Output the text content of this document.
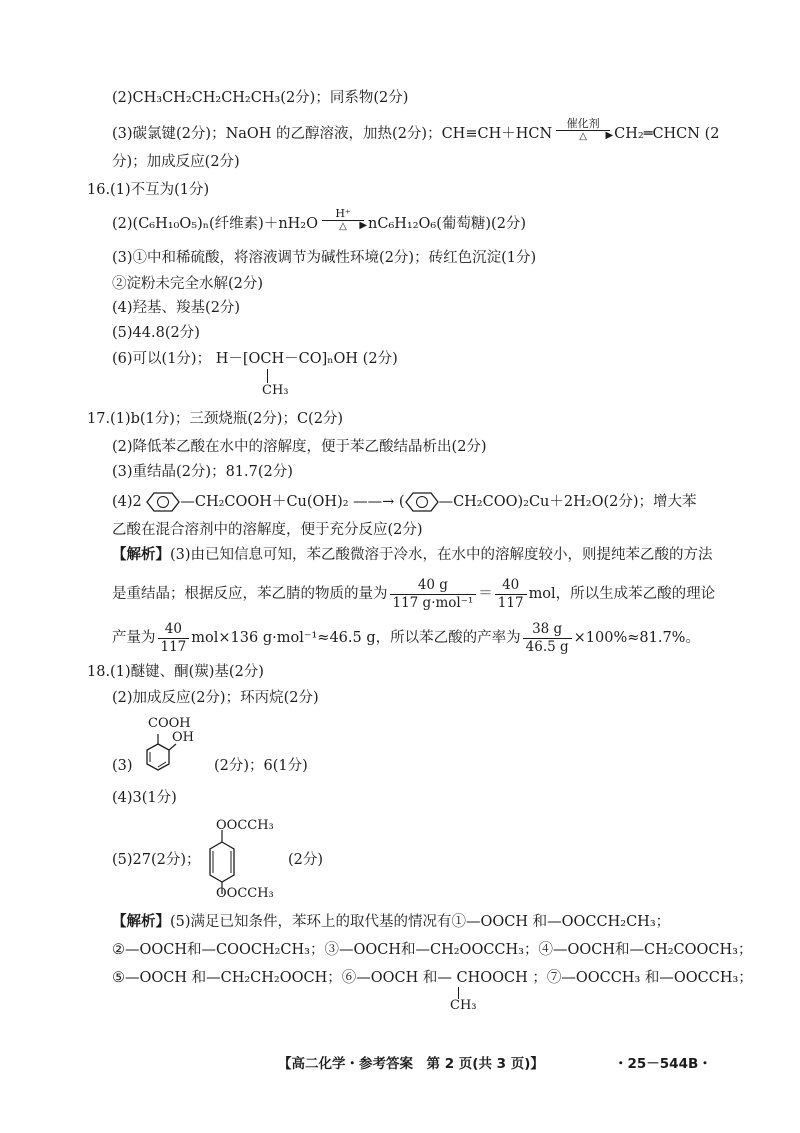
(2)CH₃CH₂CH₂CH₂CH₃(2分)；同系物(2分)
(3)碳氯键(2分)；NaOH 的乙醇溶液，加热(2分)；CH≡CH＋HCN
催化剂
▶
△	CH₂═CHCN (2
分)；加成反应(2分)
16.(1)不互为(1分)
(2)(C₆H₁₀O₅)ₙ(纤维素)＋nH₂O
H⁺
▶
△	nC₆H₁₂O₆(葡萄糖)(2分)
(3)①中和稀硫酸，将溶液调节为碱性环境(2分)；砖红色沉淀(1分)
②淀粉未完全水解(2分)
(4)羟基、羧基(2分)
(5)44.8(2分)
(6)可以(1分)； H－[OCH－CO]ₙOH (2分)
CH₃
17.(1)b(1分)；三颈烧瓶(2分)；C(2分)
(2)降低苯乙酸在水中的溶解度，便于苯乙酸结晶析出(2分)
(3)重结晶(2分)；81.7(2分)
(4)2	—CH₂COOH＋Cu(OH)₂ ——→ ( —CH₂COO)₂Cu＋2H₂O(2分)；增大苯
乙酸在混合溶剂中的溶解度，便于充分反应(2分)
【解析】(3)由已知信息可知，苯乙酸微溶于冷水，在水中的溶解度较小，则提纯苯乙酸的方法
是重结晶；根据反应，苯乙腈的物质的量为 $\frac{40 g}{\text{117 g·mol⁻¹}} = \frac{40}{117}$ mol，所以生成苯乙酸的理论
产量为 $\frac{40}{117} mol\times 136$ g·mol⁻¹≈46.5 g，所以苯乙酸的产率为 $\frac{38 g}{46.5 g} \times 100\%\approx 81.7\%$。
18.(1)醚键、酮(羰)基(2分)
(2)加成反应(2分)；环丙烷(2分)
COOH
OH
(3)	(2分)；6(1分)
(4)3(1分)
OOCCH₃
(5)27(2分)；	(2分)
OOCCH₃
【解析】(5)满足已知条件，苯环上的取代基的情况有①—OOCH 和—OOCCH₂CH₃；
②—OOCH和—COOCH₂CH₃；③—OOCH和—CH₂OOCCH₃；④—OOCH和—CH₂COOCH₃；
⑤—OOCH 和—CH₂CH₂OOCH；⑥—OOCH 和— CHOOCH ；⑦—OOCCH₃ 和—OOCCH₃；
CH₃
【高二化学・参考答案　第 2 页(共 3 页)】	・25－544B・
